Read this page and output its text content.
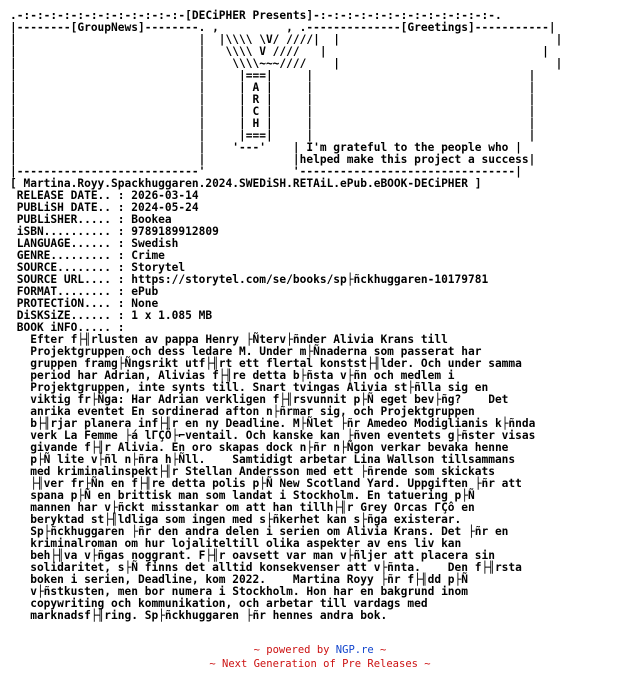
.-:-:-:-:-:-:-:-:-:-:-:-:-[DECiPHER Presents]-:-:-:-:-:-:-:-:-:-:-:-:-:-.
|--------[GroupNews]--------. ,          , .--------------[Greetings]-----------|
|                           |  |\\\\ \V/ ////|  |                                |
|                           |   \\\\ V ////   |                                |
|                           |    \\\\~~~////    |                                |
|                           |     |===|     |                                |
|                           |     | A |     |                                |
|                           |     | R |     |                                |
|                           |     | C |     |                                |
|                           |     | H |     |                                |
|                           |     |===|     |                                |
|                           |    '---'    | I'm grateful to the people who |
|                           |             |helped make this project a success|
|---------------------------'             '--------------------------------|
[ Martina.Royy.Spackhuggaren.2024.SWEDiSH.RETAiL.ePub.eBOOK-DECiPHER ]
RELEASE DATE.. : 2026-03-14
PUBLiSH DATE.. : 2024-05-24
PUBLiSHER..... : Bookea
iSBN.......... : 9789189912809
LANGUAGE...... : Swedish
GENRE......... : Crime
SOURCE........ : Storytel
SOURCE URL.... : https://storytel.com/se/books/sp├ñckhuggaren-10179781
FORMAT........ : ePub
PROTECTiON.... : None
DiSKSiZE...... : 1 x 1.085 MB
BOOK iNFO..... :
Efter f├╢rlusten av pappa Henry ├Ñterv├ñnder Alivia Krans till
Projektgruppen och dess ledare M. Under m├Ñnaderna som passerat har
gruppen framg├Ñngsrikt utf├╢rt ett flertal konstst├╢lder. Och under samma
period har Adrian, Alivias f├╢re detta b├ñsta v├ñn och medlem i
Projektgruppen, inte synts till. Snart tvingas Alivia st├ñlla sig en
viktig fr├Ñga: Har Adrian verkligen f├╢rsvunnit p├Ñ eget bev├ñg?    Det
anrika eventet En sordinerad afton n├ñrmar sig, och Projektgruppen
b├╢rjar planera inf├╢r en ny Deadline. M├Ñlet ├ñr Amedeo Modiglianis k├ñnda
verk La Femme ├á lΓÇÖ├⌐ventail. Och kanske kan ├ñven eventets g├ñster visas
givande f├╢r Alivia. En oro skapas dock n├ñr n├Ñgon verkar bevaka henne
p├Ñ lite v├ñl n├ñra h├Ñll.    Samtidigt arbetar Lina Wallson tillsammans
med kriminalinspekt├╢r Stellan Andersson med ett ├ñrende som skickats
├╢ver fr├Ñn en f├╢re detta polis p├Ñ New Scotland Yard. Uppgiften ├ñr att
spana p├Ñ en brittisk man som landat i Stockholm. En tatuering p├Ñ
mannen har v├ñckt misstankar om att han tillh├╢r Grey Orcas ΓÇô en
beryktad st├╢ldliga som ingen med s├ñkerhet kan s├ñga existerar.
Sp├ñckhuggaren ├ñr den andra delen i serien om Alivia Krans. Det ├ñr en
kriminalroman om hur lojaliteltill olika aspekter av ens liv kan
beh├╢va v├ñgas noggrant. F├╢r oavsett var man v├ñljer att placera sin
solidaritet, s├Ñ finns det alltid konsekvenser att v├ñnta.    Den f├╢rsta
boken i serien, Deadline, kom 2022.    Martina Royy ├ñr f├╢dd p├Ñ
v├ñstkusten, men bor numera i Stockholm. Hon har en bakgrund inom
copywriting och kommunikation, och arbetar till vardags med
marknadsf├╢ring. Sp├ñckhuggaren ├ñr hennes andra bok.
~ powered by NGP.re ~
~ Next Generation of Pre Releases ~
